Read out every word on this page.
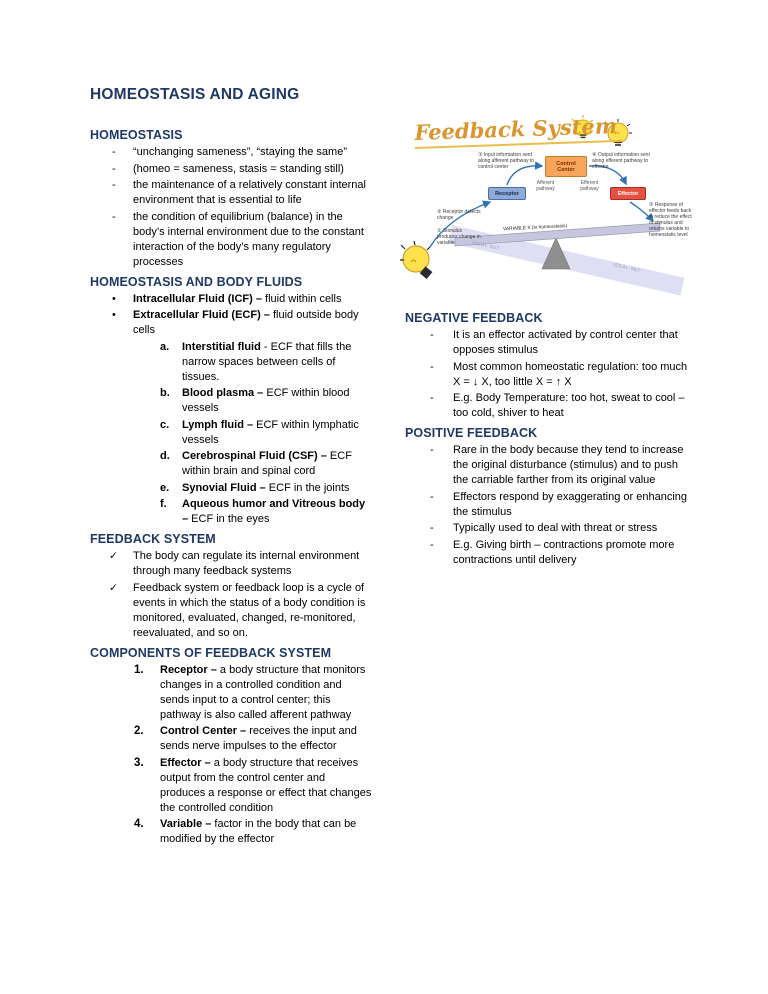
HOMEOSTASIS AND AGING
HOMEOSTASIS
-	“unchanging sameness”, “staying the same”
-	(homeo = sameness, stasis = standing still)
-	the maintenance of a relatively constant internal environment that is essential to life
-	the condition of equilibrium (balance) in the body’s internal environment due to the constant interaction of the body’s many regulatory processes
HOMEOSTASIS AND BODY FLUIDS
•	Intracellular Fluid (ICF) – fluid within cells
•	Extracellular Fluid (ECF) – fluid outside body cells
a.	Interstitial fluid - ECF that fills the narrow spaces between cells of tissues.
b.	Blood plasma – ECF within blood vessels
c.	Lymph fluid – ECF within lymphatic vessels
d.	Cerebrospinal Fluid (CSF) – ECF within brain and spinal cord
e.	Synovial Fluid – ECF in the joints
f.	Aqueous humor and Vitreous body – ECF in the eyes
FEEDBACK SYSTEM
✓	The body can regulate its internal environment through many feedback systems
✓	Feedback system or feedback loop is a cycle of events in which the status of a body condition is monitored, evaluated, changed, re-monitored, reevaluated, and so on.
COMPONENTS OF FEEDBACK SYSTEM
1.	Receptor – a body structure that monitors changes in a controlled condition and sends input to a control center; this pathway is also called afferent pathway
2.	Control Center – receives the input and sends nerve impulses to the effector
3.	Effector – a body structure that receives output from the control center and produces a response or effect that changes the controlled condition
4.	Variable – factor in the body that can be modified by the effector
NEGATIVE FEEDBACK
-	It is an effector activated by control center that opposes stimulus
-	Most common homeostatic regulation: too much X = ↓ X, too little X = ↑ X
-	E.g. Body Temperature: too hot, sweat to cool – too cold, shiver to heat
POSITIVE FEEDBACK
-	Rare in the body because they tend to increase the original disturbance (stimulus) and to push the carriable farther from its original value
-	Effectors respond by exaggerating or enhancing the stimulus
-	Typically used to deal with threat or stress
-	E.g. Giving birth – contractions promote more contractions until delivery
Feedback System
③ Input information sent along afferent pathway to control center
Control Center
④ Output information sent along efferent pathway to effector
Receptor
Afferent pathway
Efferent pathway
Effector
② Receptor detects change
① Stimulus produces change in variable
⑤ Response of effector feeds back to reduce the effect of stimulus and returns variable to homeostatic level
VARIABLE X (in homeostasis)
IDEAL SET
IDEAL SET
